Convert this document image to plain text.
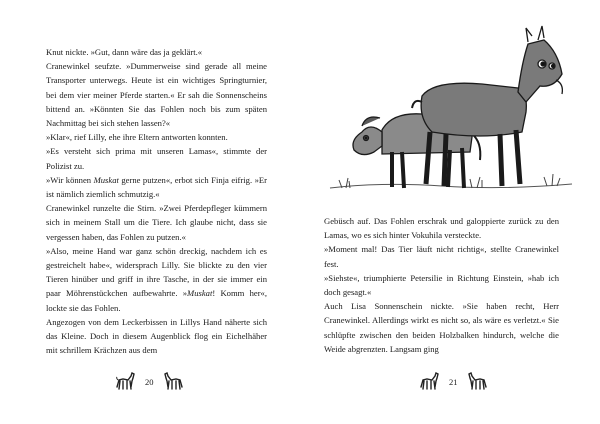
Knut nickte. »Gut, dann wäre das ja geklärt.«

Cranewinkel seufzte. »Dummerweise sind gerade all meine Transporter unterwegs. Heute ist ein wichtiges Springturnier, bei dem vier meiner Pferde starten.« Er sah die Sonnenscheins bittend an. »Könnten Sie das Fohlen noch bis zum späten Nachmittag bei sich stehen lassen?«

»Klar«, rief Lilly, ehe ihre Eltern antworten konnten.

»Es versteht sich prima mit unseren Lamas«, stimmte der Polizist zu.

»Wir können Muskat gerne putzen«, erbot sich Finja eifrig. »Er ist nämlich ziemlich schmutzig.«

Cranewinkel runzelte die Stirn. »Zwei Pferdepfleger kümmern sich in meinem Stall um die Tiere. Ich glaube nicht, dass sie vergessen haben, das Fohlen zu putzen.«

»Also, meine Hand war ganz schön dreckig, nachdem ich es gestreichelt habe«, widersprach Lilly. Sie blickte zu den vier Tieren hinüber und griff in ihre Tasche, in der sie immer ein paar Möhrenstückchen aufbewahrte. »Muskat! Komm her«, lockte sie das Fohlen.

Angezogen von dem Leckerbissen in Lillys Hand näherte sich das Kleine. Doch in diesem Augenblick flog ein Eichelhäher mit schrillem Krächzen aus dem

20

Gebüsch auf. Das Fohlen erschrak und galoppierte zurück zu den Lamas, wo es sich hinter Vokuhila versteckte.

»Moment mal! Das Tier läuft nicht richtig«, stellte Cranewinkel fest.

»Siehste«, triumphierte Petersilie in Richtung Einstein, »hab ich doch gesagt.«

Auch Lisa Sonnenschein nickte. »Sie haben recht, Herr Cranewinkel. Allerdings wirkt es nicht so, als wäre es verletzt.« Sie schlüpfte zwischen den beiden Holzbalken hindurch, welche die Weide abgrenzten. Langsam ging

21
